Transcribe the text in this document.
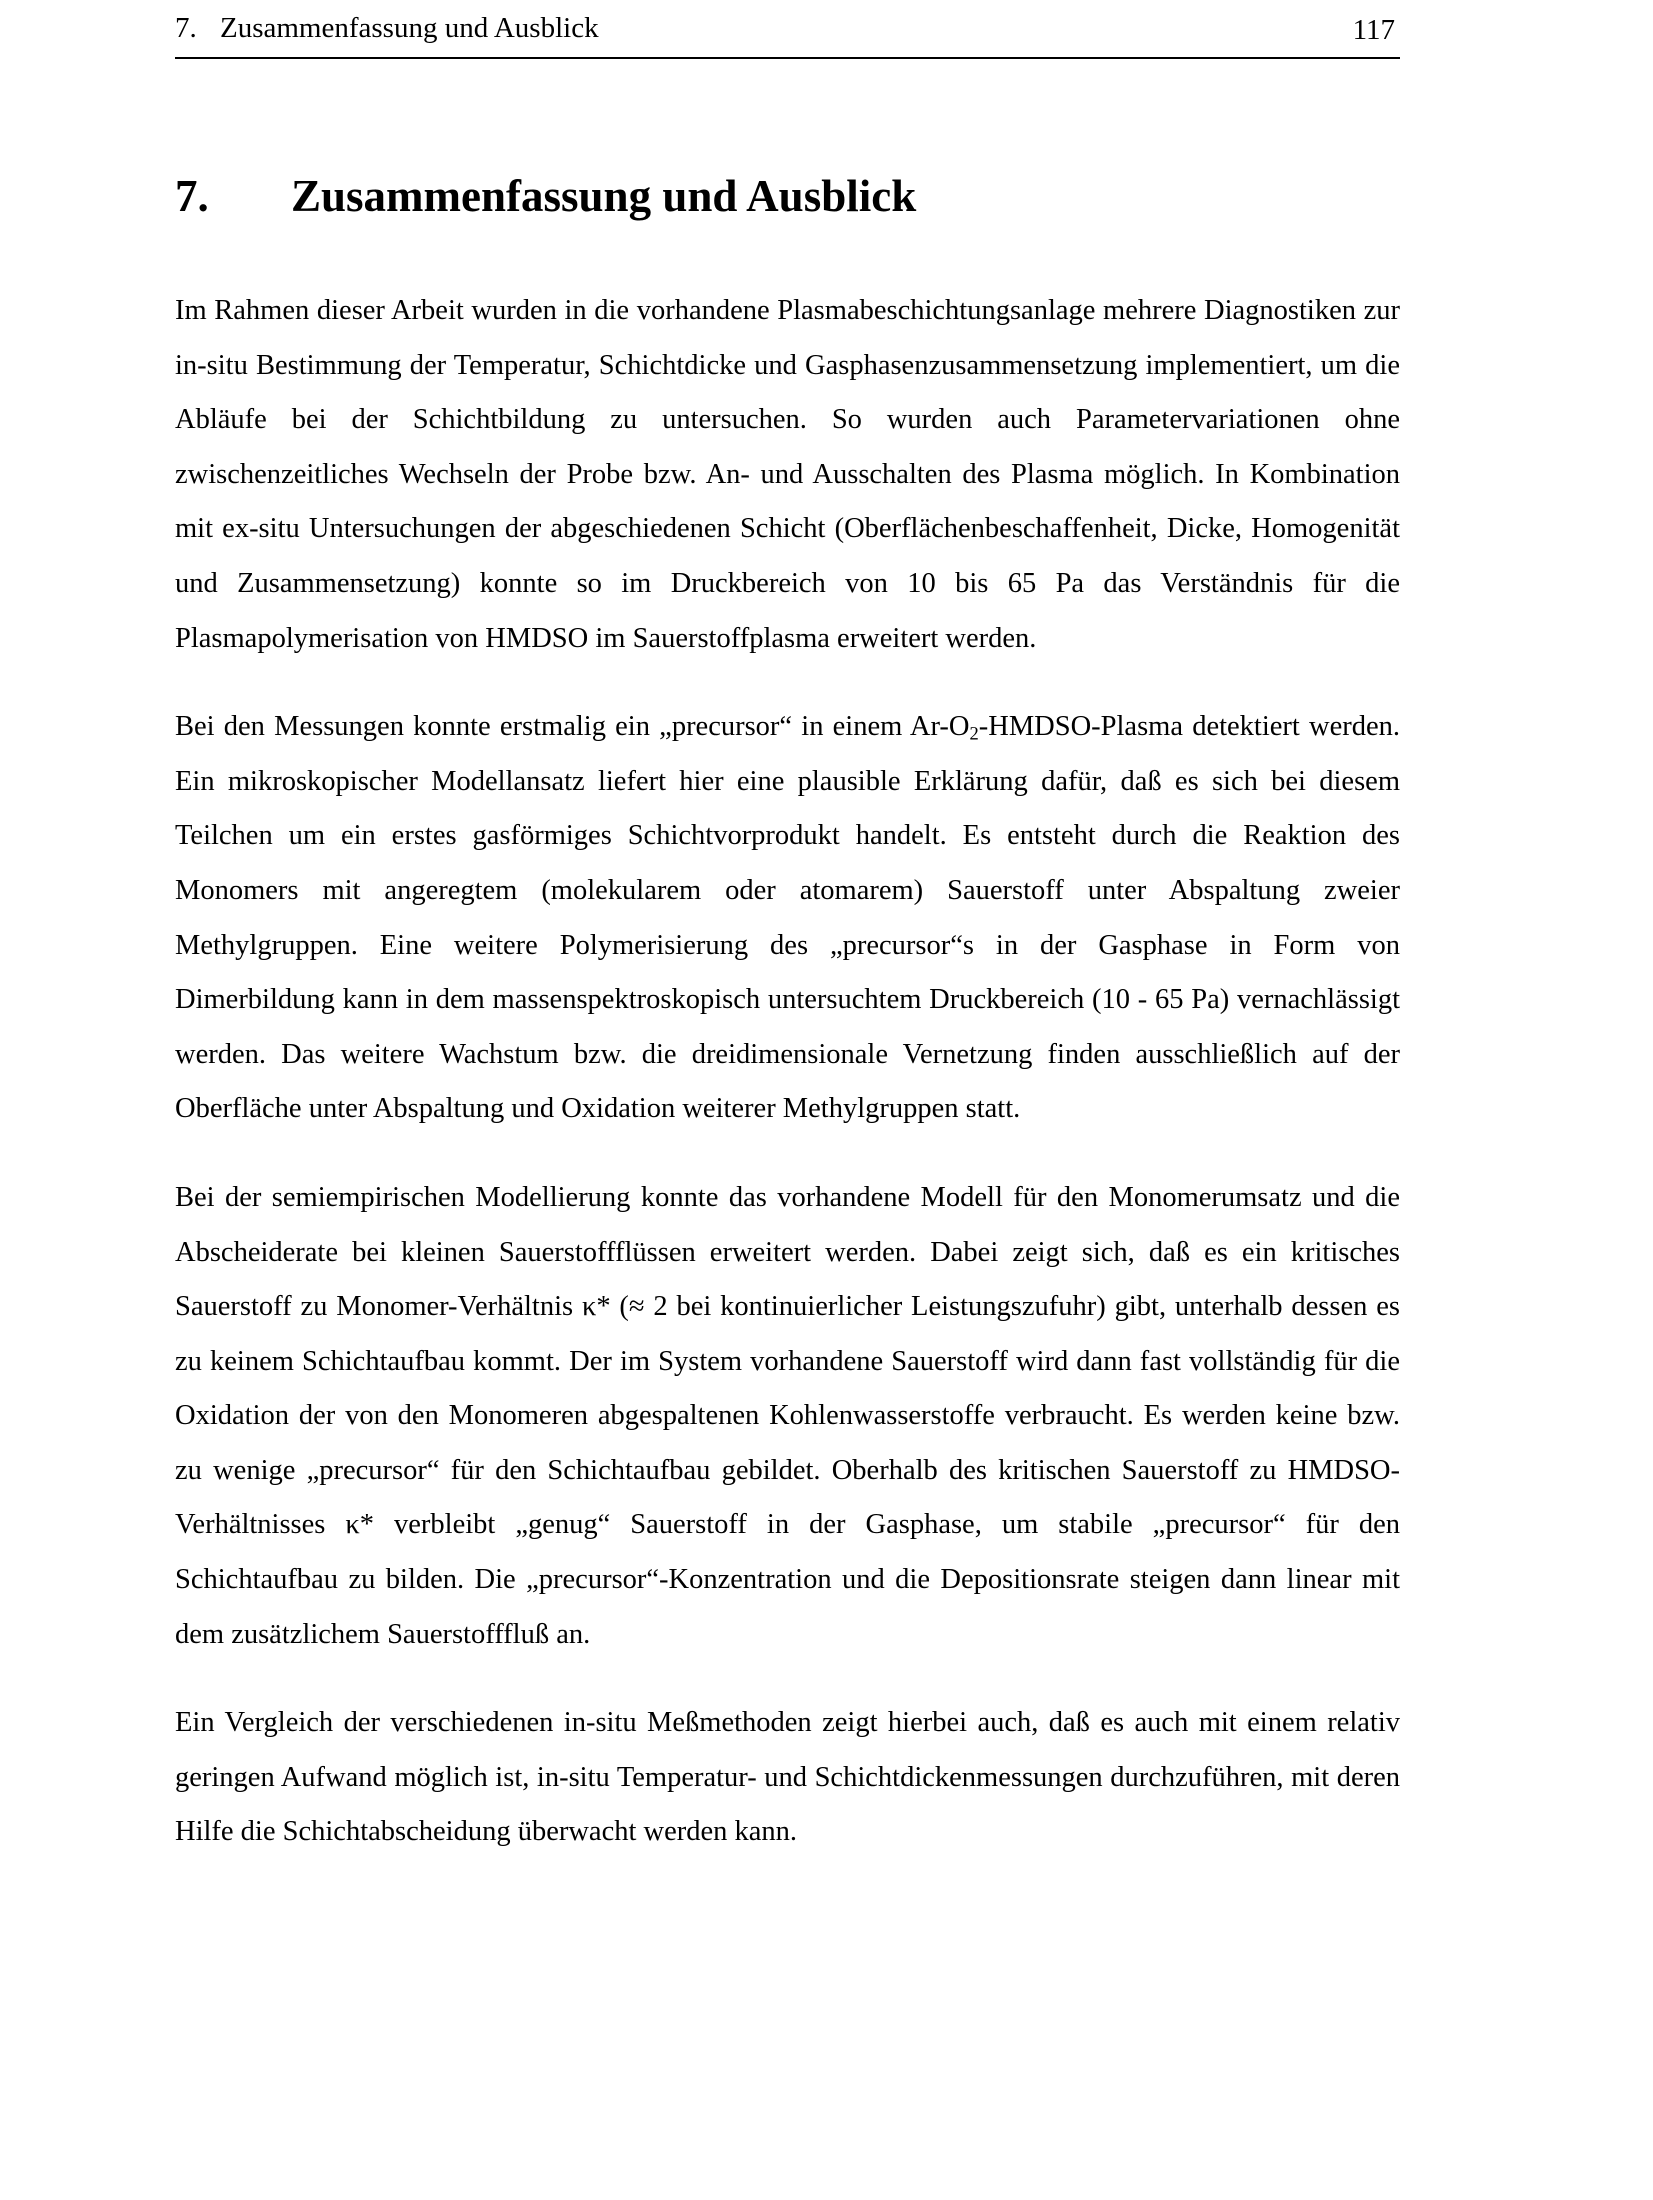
7. Zusammenfassung und Ausblick	117
7. Zusammenfassung und Ausblick

Im Rahmen dieser Arbeit wurden in die vorhandene Plasmabeschichtungsanlage mehrere Diagnostiken zur in-situ Bestimmung der Temperatur, Schichtdicke und Gasphasenzusammensetzung implementiert, um die Abläufe bei der Schichtbildung zu untersuchen. So wurden auch Parametervariationen ohne zwischenzeitliches Wechseln der Probe bzw. An- und Ausschalten des Plasma möglich. In Kombination mit ex-situ Untersuchungen der abgeschiedenen Schicht (Oberflächenbeschaffenheit, Dicke, Homogenität und Zusammensetzung) konnte so im Druckbereich von 10 bis 65 Pa das Verständnis für die Plasmapolymerisation von HMDSO im Sauerstoffplasma erweitert werden.

Bei den Messungen konnte erstmalig ein „precursor“ in einem $Ar-O_2-HMDSO$-Plasma detektiert werden. Ein mikroskopischer Modellansatz liefert hier eine plausible Erklärung dafür, daß es sich bei diesem Teilchen um ein erstes gasförmiges Schichtvorprodukt handelt. Es entsteht durch die Reaktion des Monomers mit angeregtem (molekularem oder atomarem) Sauerstoff unter Abspaltung zweier Methylgruppen. Eine weitere Polymerisierung des „precursor“s in der Gasphase in Form von Dimerbildung kann in dem massenspektroskopisch untersuchtem Druckbereich (10 - 65 Pa) vernachlässigt werden. Das weitere Wachstum bzw. die dreidimensionale Vernetzung finden ausschließlich auf der Oberfläche unter Abspaltung und Oxidation weiterer Methylgruppen statt.

Bei der semiempirischen Modellierung konnte das vorhandene Modell für den Monomerumsatz und die Abscheiderate bei kleinen Sauerstoffflüssen erweitert werden. Dabei zeigt sich, daß es ein kritisches Sauerstoff zu Monomer-Verhältnis κ* (≈ 2 bei kontinuierlicher Leistungszufuhr) gibt, unterhalb dessen es zu keinem Schichtaufbau kommt. Der im System vorhandene Sauerstoff wird dann fast vollständig für die Oxidation der von den Monomeren abgespaltenen Kohlenwasserstoffe verbraucht. Es werden keine bzw. zu wenige „precursor“ für den Schichtaufbau gebildet. Oberhalb des kritischen Sauerstoff zu HMDSO-Verhältnisses κ* verbleibt „genug“ Sauerstoff in der Gasphase, um stabile „precursor“ für den Schichtaufbau zu bilden. Die „precursor“-Konzentration und die Depositionsrate steigen dann linear mit dem zusätzlichem Sauerstofffluß an.

Ein Vergleich der verschiedenen in-situ Meßmethoden zeigt hierbei auch, daß es auch mit einem relativ geringen Aufwand möglich ist, in-situ Temperatur- und Schichtdickenmessungen durchzuführen, mit deren Hilfe die Schichtabscheidung überwacht werden kann.
